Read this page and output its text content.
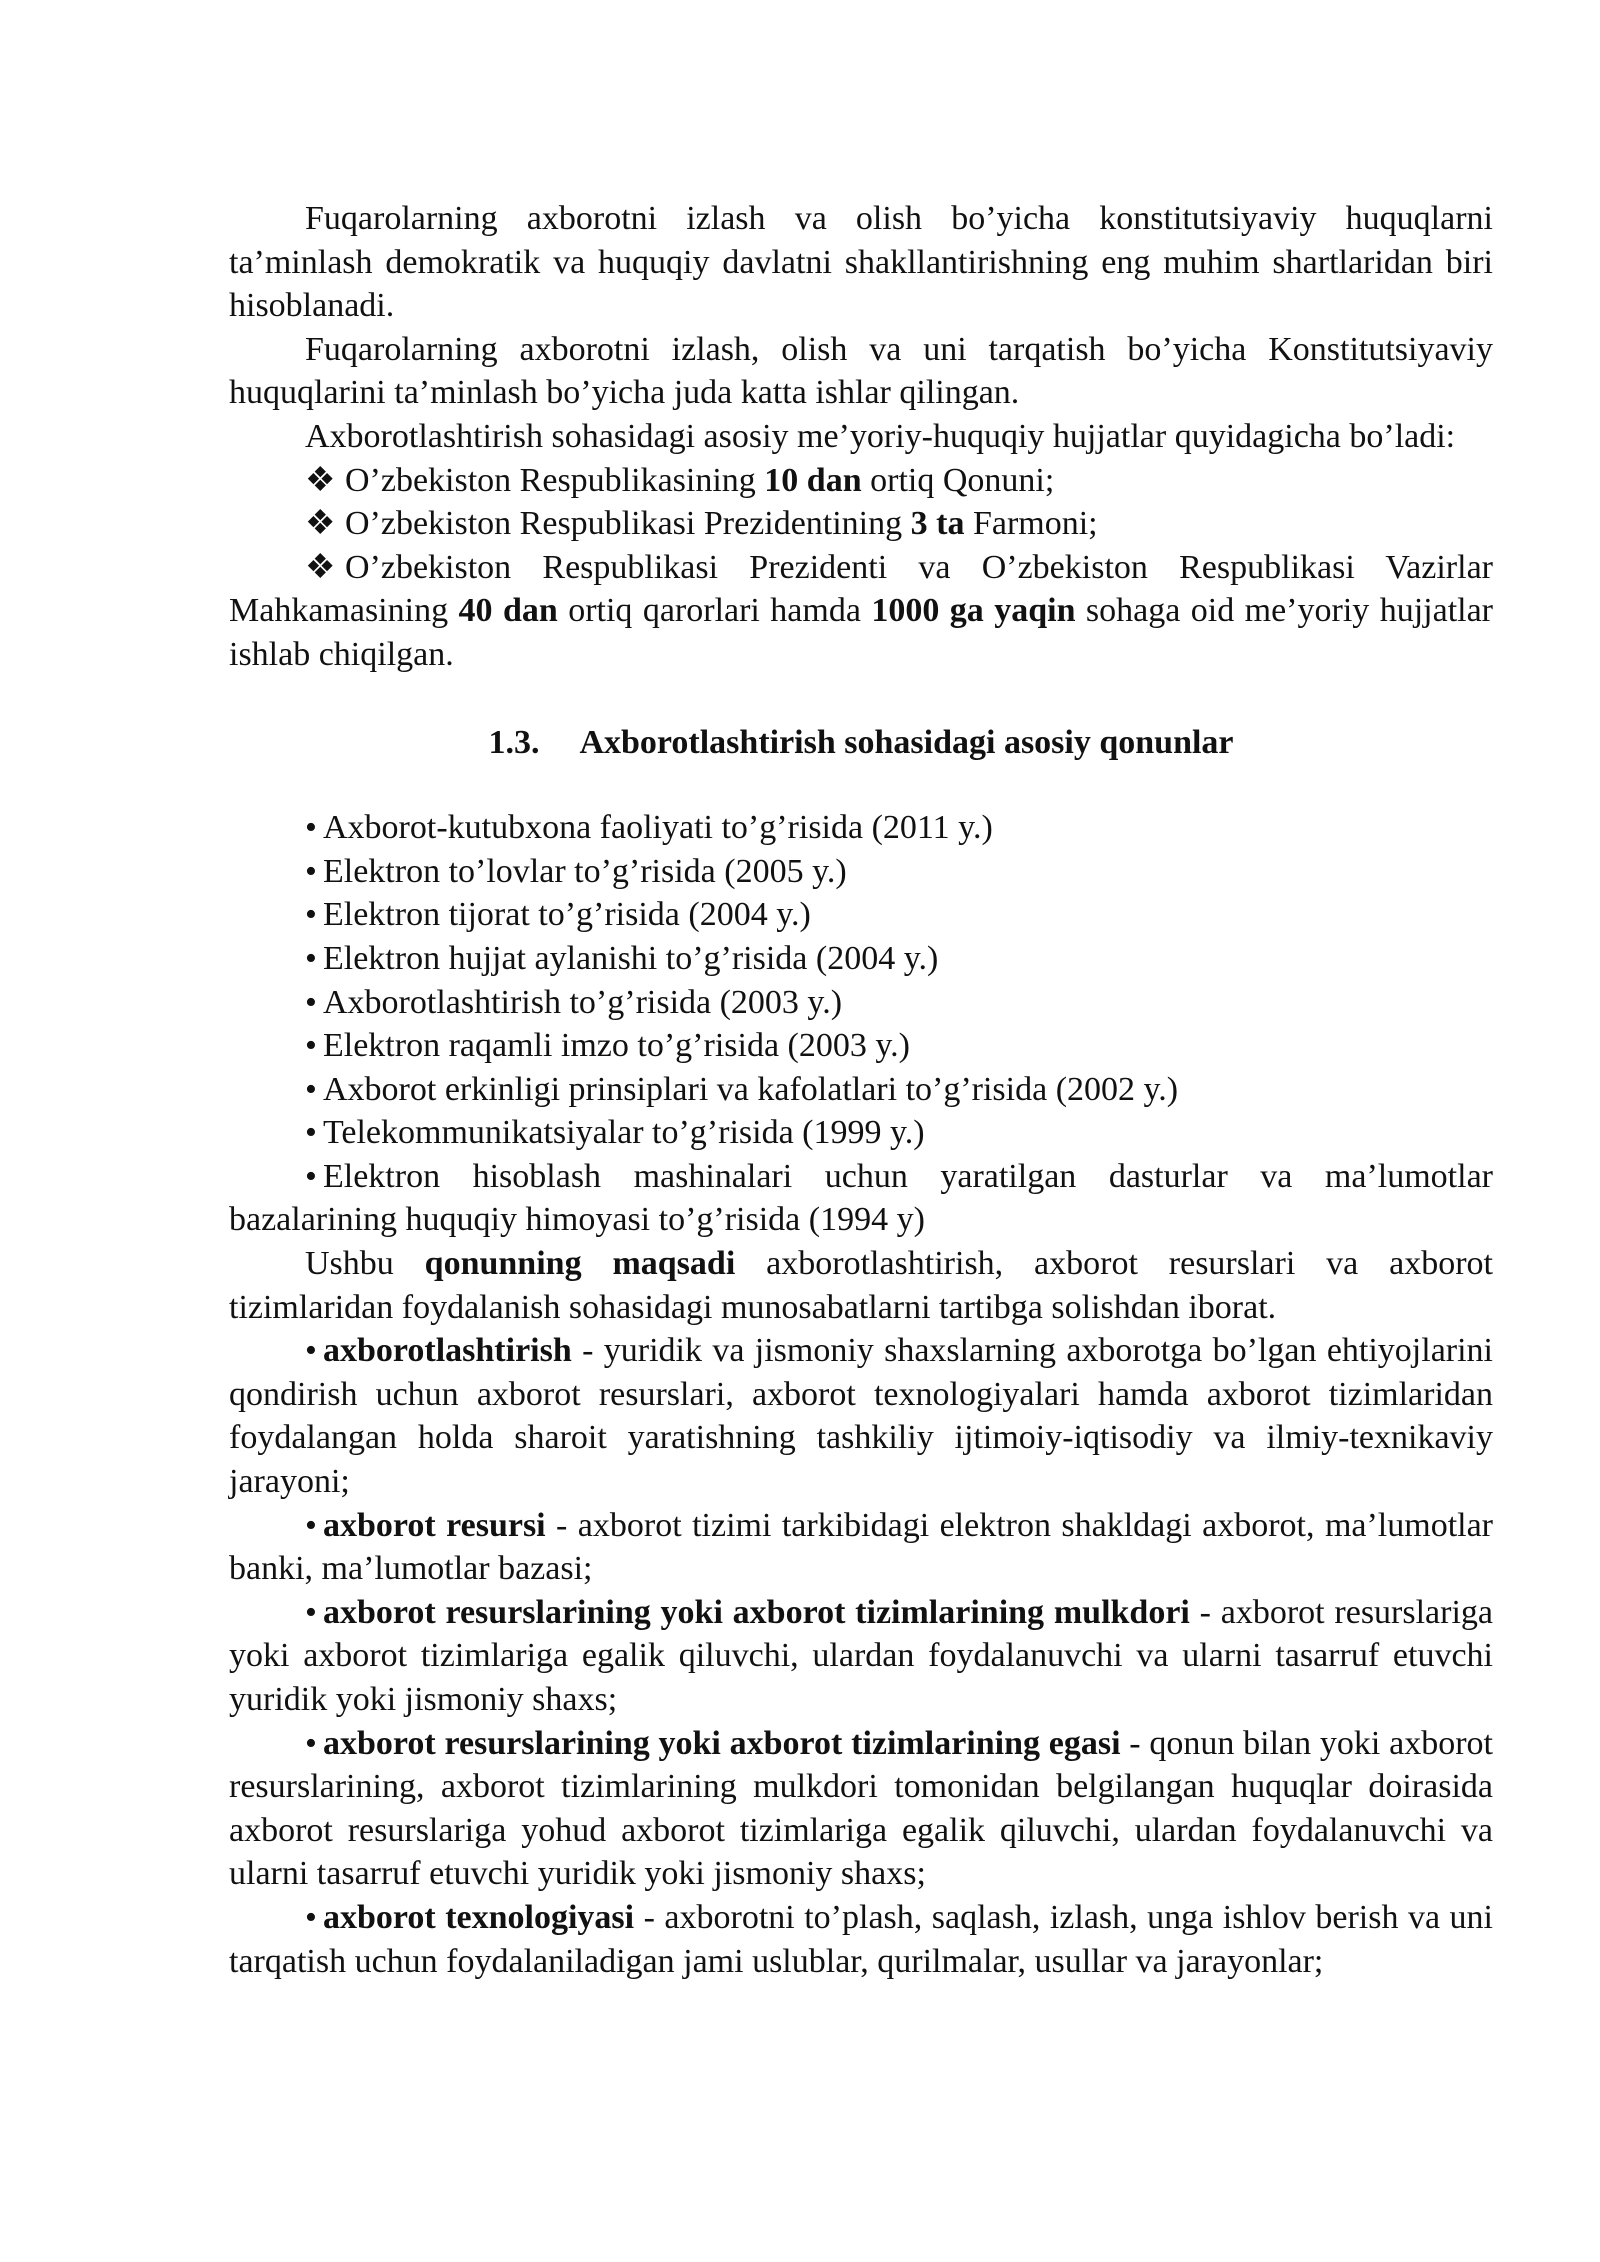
Fuqarolarning axborotni izlash va olish bo’yicha konstitutsiyaviy huquqlarni ta’minlash demokratik va huquqiy davlatni shakllantirishning eng muhim shartlaridan biri hisoblanadi.

Fuqarolarning axborotni izlash, olish va uni tarqatish bo’yicha Konstitutsiyaviy huquqlarini ta’minlash bo’yicha juda katta ishlar qilingan.

Axborotlashtirish sohasidagi asosiy me’yoriy-huquqiy hujjatlar quyidagicha bo’ladi:

❖ O’zbekiston Respublikasining 10 dan ortiq Qonuni;

❖ O’zbekiston Respublikasi Prezidentining 3 ta Farmoni;

❖ O’zbekiston Respublikasi Prezidenti va O’zbekiston Respublikasi Vazirlar Mahkamasining 40 dan ortiq qarorlari hamda 1000 ga yaqin sohaga oid me’yoriy hujjatlar ishlab chiqilgan.

1.3. Axborotlashtirish sohasidagi asosiy qonunlar

• Axborot-kutubxona faoliyati to’g’risida (2011 y.)

• Elektron to’lovlar to’g’risida (2005 y.)

• Elektron tijorat to’g’risida (2004 y.)

• Elektron hujjat aylanishi to’g’risida (2004 y.)

• Axborotlashtirish to’g’risida (2003 y.)

• Elektron raqamli imzo to’g’risida (2003 y.)

• Axborot erkinligi prinsiplari va kafolatlari to’g’risida (2002 y.)

• Telekommunikatsiyalar to’g’risida (1999 y.)

• Elektron hisoblash mashinalari uchun yaratilgan dasturlar va ma’lumotlar bazalarining huquqiy himoyasi to’g’risida (1994 y)

Ushbu qonunning maqsadi axborotlashtirish, axborot resurslari va axborot tizimlaridan foydalanish sohasidagi munosabatlarni tartibga solishdan iborat.

• axborotlashtirish - yuridik va jismoniy shaxslarning axborotga bo’lgan ehtiyojlarini qondirish uchun axborot resurslari, axborot texnologiyalari hamda axborot tizimlaridan foydalangan holda sharoit yaratishning tashkiliy ijtimoiy-iqtisodiy va ilmiy-texnikaviy jarayoni;

• axborot resursi - axborot tizimi tarkibidagi elektron shakldagi axborot, ma’lumotlar banki, ma’lumotlar bazasi;

• axborot resurslarining yoki axborot tizimlarining mulkdori - axborot resurslariga yoki axborot tizimlariga egalik qiluvchi, ulardan foydalanuvchi va ularni tasarruf etuvchi yuridik yoki jismoniy shaxs;

• axborot resurslarining yoki axborot tizimlarining egasi - qonun bilan yoki axborot resurslarining, axborot tizimlarining mulkdori tomonidan belgilangan huquqlar doirasida axborot resurslariga yohud axborot tizimlariga egalik qiluvchi, ulardan foydalanuvchi va ularni tasarruf etuvchi yuridik yoki jismoniy shaxs;

• axborot texnologiyasi - axborotni to’plash, saqlash, izlash, unga ishlov berish va uni tarqatish uchun foydalaniladigan jami uslublar, qurilmalar, usullar va jarayonlar;
